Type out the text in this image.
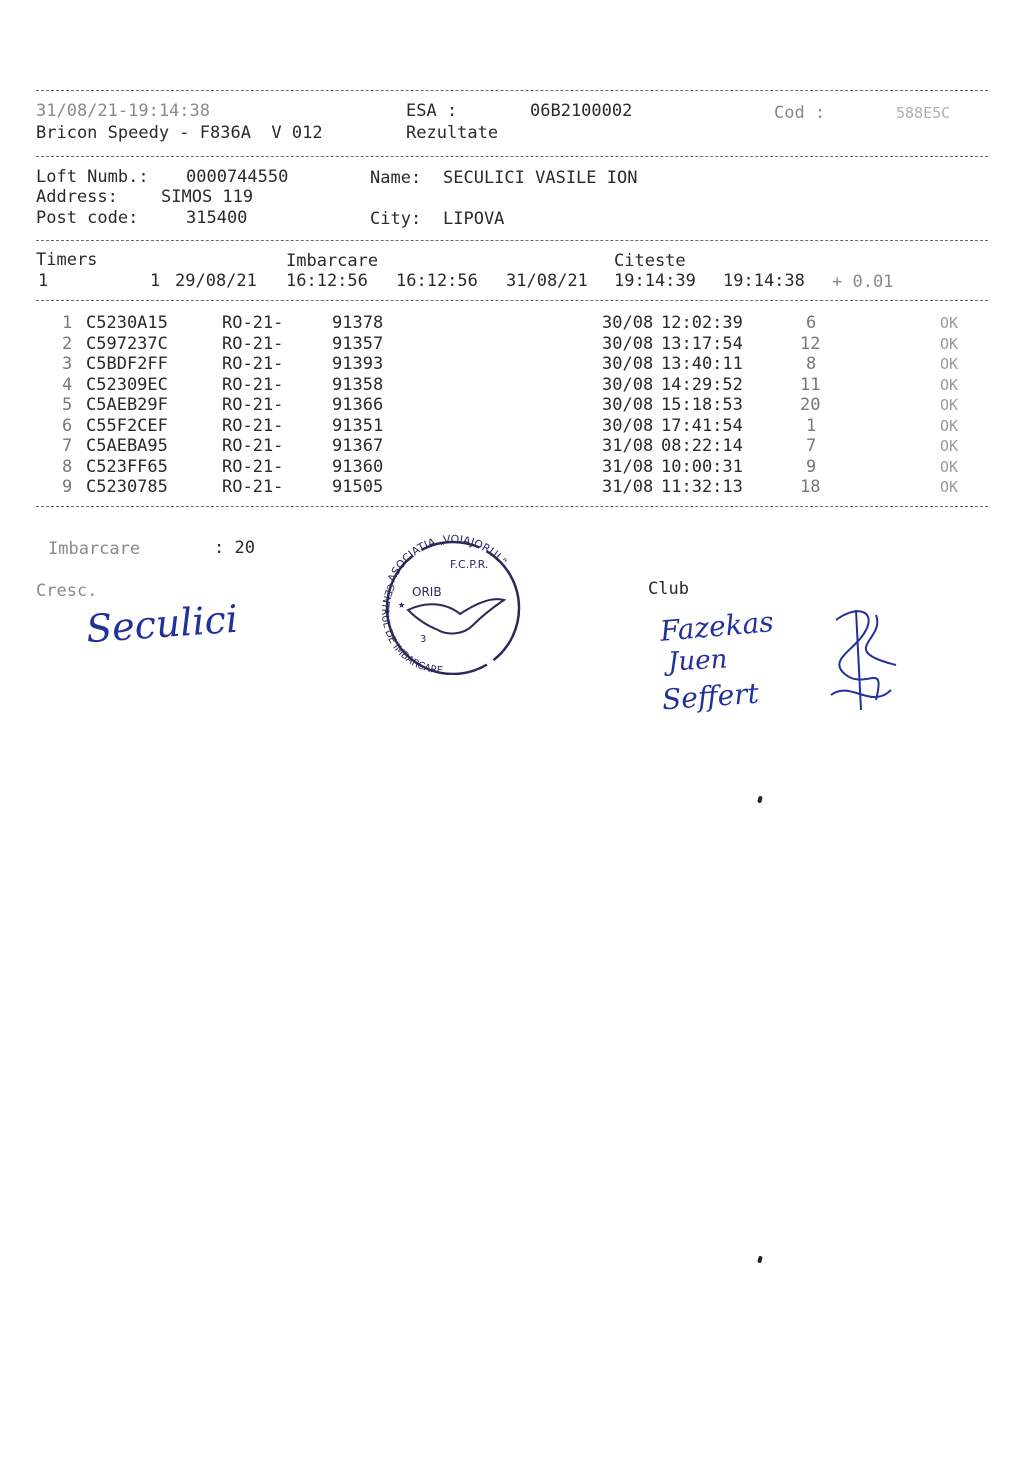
31/08/21-19:14:38	ESA :	06B2100002	Cod :	588E5C
Bricon Speedy - F836A  V 012	Rezultate
Loft Numb.: 0000744550	Name: SECULICI VASILE ION
Address:	SIMOS 119
Post code:	315400	City: LIPOVA
Timers	Imbarcare	Citeste
1	1 29/08/21 16:12:56 16:12:56 31/08/21 19:14:39 19:14:38 + 0.01
1 C5230A15	RO-21-	91378	30/08 12:02:39	6	OK
2 C597237C	RO-21-	91357	30/08 13:17:54	12	OK
3 C5BDF2FF	RO-21-	91393	30/08 13:40:11	8	OK
4 C52309EC	RO-21-	91358	30/08 14:29:52	11	OK
5 C5AEB29F	RO-21-	91366	30/08 15:18:53	20	OK
6 C55F2CEF	RO-21-	91351	30/08 17:41:54	1	OK
7 C5AEBA95	RO-21-	91367	31/08 08:22:14	7	OK
8 C523FF65	RO-21-	91360	31/08 10:00:31	9	OK
9 C5230785	RO-21-	91505	31/08 11:32:13	18	OK
Imbarcare	: 20
Cresc.	Club
Seculici	Fazekas
Juen
Seffert
ASOCIATIA „VOIAJORUL"
F.C.P.R.
CENTRUL DE IMBARCARE
ORIB
3
★
